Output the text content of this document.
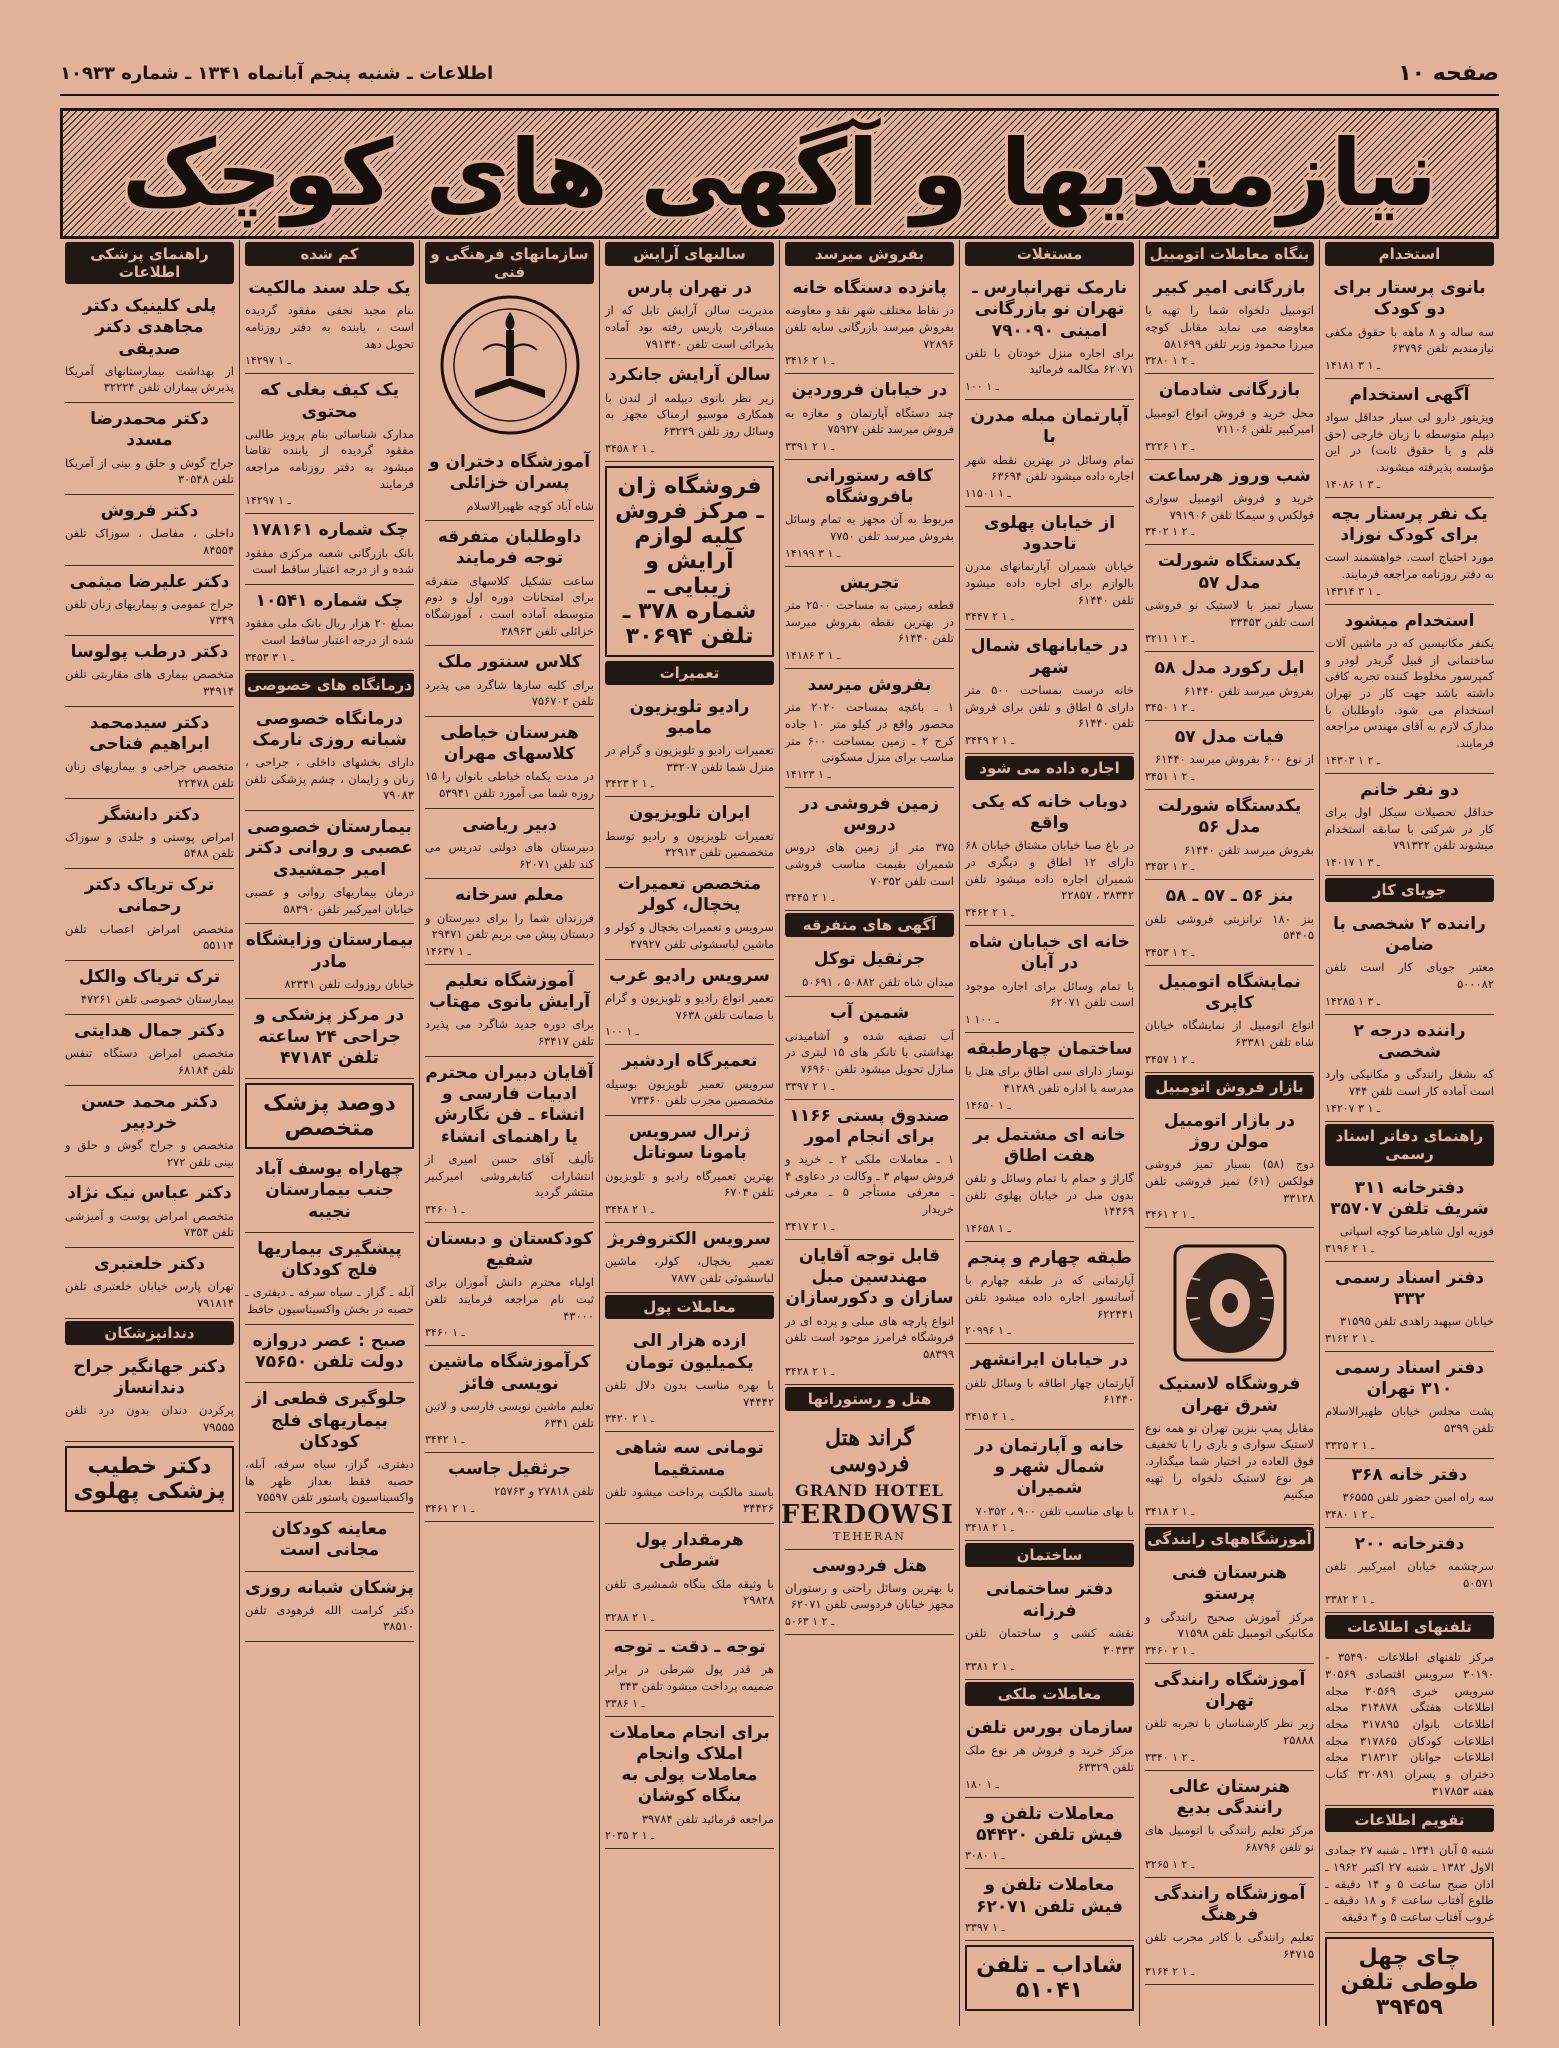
صفحه ۱۰
اطلاعات ـ شنبه پنجم آبانماه ۱۳۴۱ ـ شماره ۱۰۹۳۳
نیازمندیها و آگهی های کوچک
استخدام
بانوی پرستار برای دو کودک

سه ساله و ۸ ماهه با حقوق مکفی نیازمندیم تلفن ۶۳۷۹۶

۱۴۱۸۱ ـ ۱ ۳
آگهی استخدام

ویزیتور دارو لی سیار حداقل سواد دیپلم متوسطه با زبان خارجی (حق قلم و یا حقوق ثابت) در این مؤسسه پذیرفته میشوند.

۱۴۰۸۶ ـ ۳ ۱
یک نفر پرستار بچه برای کودک نوزاد

مورد احتیاج است. خواهشمند است به دفتر روزنامه مراجعه فرمایند.

۱۴۳۱۴ ـ ۱ ۳
استخدام میشود

یکنفر مکانیسین که در ماشین آلات ساختمانی از قبیل گریدر لودر و کمپرسور مخلوط کننده تجربه کافی داشته باشد جهت کار در تهران استخدام می شود. داوطلبان با مدارک لازم به آقای مهندس مراجعه فرمایند.

۱۴۳۰۳ ـ ۲ ۱
دو نفر خانم

حداقل تحصیلات سیکل اول برای کار در شرکتی با سابقه استخدام میشوند تلفن ۷۹۱۳۲۲

۱۴۰۱۷ ـ ۳ ۱
جویای کار
راننده ۲ شخصی با ضامن

معتبر جویای کار است تلفن ۵۰۰۰۸۲

۱۴۲۸۵ ـ ۳ ۱
راننده درجه ۲ شخصی

که بشغل رانندگی و مکانیکی وارد است آماده کار است تلفن ۷۴۴

۱۴۲۰۷ ـ ۱ ۳
راهنمای دفاتر اسناد رسمی
دفترخانه ۳۱۱ شریف تلفن ۳۵۷۰۷

فوزیه اول شاهرضا کوچه اسپانی

۳۱۹۶ ـ ۱ ۲
دفتر اسناد رسمی ۳۳۲

خیابان سپهبد زاهدی تلفن ۳۱۵۹۵

۳۱۶۲ ـ ۱ ۲
دفتر اسناد رسمی ۳۱۰ تهران

پشت مجلس خیابان ظهیرالاسلام تلفن ۵۳۹۹

۳۳۲۵ ـ ۱ ۲
دفتر خانه ۳۶۸

سه راه امین حضور تلفن ۳۶۵۵۵

۳۴۸۰ ـ ۲ ۱
دفترخانه ۲۰۰

سرچشمه خیابان امیرکبیر تلفن ۵۰۵۷۱

۳۳۸۲ ـ ۱ ۲
تلفنهای اطلاعات

مرکز تلفنهای اطلاعات ۳۵۴۹۰ - ۳۰۱۹۰ سرویس اقتصادی ۳۰۵۶۹ سرویس خبری ۳۰۵۶۹ مجله اطلاعات هفتگی ۳۱۴۸۷۸ مجله اطلاعات بانوان ۳۱۷۸۹۵ مجله اطلاعات کودکان ۳۱۷۸۶۵ مجله اطلاعات جوانان ۳۱۸۳۱۲ مجله دختران و پسران ۳۲۰۸۹۱ کتاب هفته ۳۱۷۸۵۳

تقویم اطلاعات

شنبه ۵ آبان ۱۳۴۱ ـ شنبه ۲۷ جمادی الاول ۱۳۸۲ ـ شنبه ۲۷ اکتبر ۱۹۶۲ ـ اذان صبح ساعت ۵ و ۱۴ دقیقه ـ طلوع آفتاب ساعت ۶ و ۱۸ دقیقه ـ غروب آفتاب ساعت ۵ و ۴ دقیقه

چای چهل طوطی تلفن ۳۹۴۵۹
بنگاه معاملات اتومبیل
بازرگانی امیر کبیر

اتومبیل دلخواه شما را تهیه یا معاوضه می نماید مقابل کوچه میرزا محمود وزیر تلفن ۵۸۱۶۹۹

۳۲۸۰ ـ ۲ ۱
بازرگانی شادمان

محل خرید و فروش انواع اتومبیل امیرکبیر تلفن ۷۱۱۰۶

۳۲۲۶ ـ ۲ ۱
شب وروز هرساعت

خرید و فروش اتومبیل سواری فولکس و سیمکا تلفن ۷۹۱۹۰۶

۳۴۰۲ ـ ۲ ۱
یکدستگاه شورلت مدل ۵۷

بسیار تمیز با لاستیک نو فروشی است تلفن ۳۳۴۵۳

۳۲۱۱ ـ ۲ ۱
ایل رکورد مدل ۵۸

بفروش میرسد تلفن ۶۱۴۴۰

۳۴۵۰ ـ ۲ ۱
فیات مدل ۵۷

از نوع ۶۰۰ بفروش میرسد ۶۱۴۴۰

۳۴۵۱ ـ ۲ ۱
یکدستگاه شورلت مدل ۵۶

بفروش میرسد تلفن ۶۱۴۴۰

۳۴۵۲ ـ ۲ ۱
بنز ۵۶ ـ ۵۷ ـ ۵۸

بنز ۱۸۰ ترانزیتی فروشی تلفن ۵۴۴۰۵

۳۴۵۳ ـ ۲ ۱
نمایشگاه اتومبیل کاپری

انواع اتومبیل از نمایشگاه خیابان شاه تلفن ۶۳۳۸۱

۳۴۵۷ ـ ۲ ۱
بازار فروش اتومبیل
در بازار اتومبیل مولن روژ

دوج (۵۸) بسیار تمیز فروشی فولکس (۶۱) تمیز فروشی تلفن ۳۳۱۲۸

۳۴۶۱ ـ ۱ ۲
فروشگاه لاستیک شرق تهران

مقابل پمپ بنزین تهران نو همه نوع لاستیک سواری و باری را با تخفیف فوق العاده در اختیار شما میگذارد. هر نوع لاستیک دلخواه را تهیه میکنیم

۳۴۱۸ ـ ۱ ۲
آموزشگاههای رانندگی
هنرستان فنی پرستو

مرکز آموزش صحیح رانندگی و مکانیکی اتومبیل تلفن ۷۱۵۹۸

۳۴۶۰ ـ ۱ ۲
آموزشگاه رانندگی تهران

زیر نظر کارشناسان با تجربه تلفن ۲۵۸۸۸

۳۳۴۰ ـ ۲ ۱
هنرستان عالی رانندگی بدیع

مرکز تعلیم رانندگی با اتومبیل های نو تلفن ۶۸۷۹۶

۳۲۶۵ ـ ۲ ۱
آموزشگاه رانندگی فرهنگ

تعلیم رانندگی با کادر مجرب تلفن ۶۴۷۱۵

۳۱۶۴ ـ ۱ ۲
مستغلات
نارمک تهرانپارس ـ تهران نو بازرگانی امینی ۷۹۰۰۹۰

برای اجاره منزل خودتان با تلفن ۶۲۰۷۱ مکالمه فرمائید

۱۰۰ ـ ۱
آپارتمان مبله مدرن با

تمام وسائل در بهترین نقطه شهر اجاره داده میشود تلفن ۶۳۶۹۴

۱۱۵۰۱ ـ ۱
از خیابان پهلوی تاحدود

خیابان شمیران آپارتمانهای مدرن بالوازم برای اجاره داده میشود تلفن ۶۱۴۴۰

۳۴۴۷ ـ ۱ ۲
در خیابانهای شمال شهر

خانه درست بمساحت ۵۰۰ متر دارای ۵ اطاق و تلفن برای فروش تلفن ۶۱۴۴۰

۳۴۴۹ ـ ۱ ۲
اجاره داده می شود
دوباب خانه که یکی واقع

در باغ صبا خیابان مشتاق خیابان ۶۸ دارای ۱۲ اطاق و دیگری در شمیران اجاره داده میشود تلفن ۳۸۳۴۲ ، ۲۲۸۵۷

۳۴۶۲ ـ ۱ ۲
خانه ای خیابان شاه در آبان

با تمام وسائل برای اجاره موجود است تلفن ۶۲۰۷۱

۱ ـ ۱۰۰
ساختمان چهارطبقه

نوساز دارای سی اطاق برای هتل یا مدرسه یا اداره تلفن ۴۱۲۸۹

۱۴۶۵۰ ـ ۱
خانه ای مشتمل بر هفت اطاق

گاراژ و حمام با تمام وسائل و تلفن بدون مبل در خیابان پهلوی تلفن ۱۴۴۶۹

۱۴۶۵۸ ـ ۱
طبقه چهارم و پنجم

آپارتمانی که در طبقه چهارم با آسانسور اجاره داده میشود تلفن ۶۲۲۴۴۱

۲۰۹۹۶ ـ ۱
در خیابان ایرانشهر

آپارتمان چهار اطاقه با وسائل تلفن ۶۱۴۴۰

۳۴۱۵ ـ ۱ ۲
خانه و آپارتمان در شمال شهر و شمیران

با بهای مناسب تلفن ۹۰۰ ، ۷۰۳۵۲

۳۴۱۸ ـ ۱ ۲
ساختمان
دفتر ساختمانی فرزانه

نقشه کشی و ساختمان تلفن ۳۰۴۳۳

۳۳۸۱ ـ ۱ ۲
معاملات ملکی
سازمان بورس تلفن

مرکز خرید و فروش هر نوع ملک تلفن ۶۳۳۲۹

۱۸۰ ـ ۱
معاملات تلفن و فیش تلفن ۵۴۴۲۰
۳۰۸۰ ـ ۱
معاملات تلفن و فیش تلفن ۶۲۰۷۱
۳۳۹۷ ـ ۱
شاداب ـ تلفن ۵۱۰۴۱
بفروش میرسد
پانزده دستگاه خانه

در نقاط مختلف شهر نقد و معاوضه بفروش میرسد بازرگانی سایه تلفن ۷۲۸۹۶

۳۴۱۶ ـ ۱ ۲
در خیابان فروردین

چند دستگاه آپارتمان و مغازه به فروش میرسد تلفن ۷۵۹۲۷

۳۳۹۱ ـ ۱ ۲
کافه رستورانی بافروشگاه

مربوط به آن مجهز به تمام وسائل بفروش میرسد تلفن ۷۷۵۰

۱۴۱۹۹ ـ ۱ ۳
تجریش

قطعه زمینی به مساحت ۲۵۰۰ متر در بهترین نقطه بفروش میرسد تلفن ۶۱۴۴۰

۱۴۱۸۶ ـ ۱ ۳
بفروش میرسد

۱ ـ باغچه بمساحت ۲۰۲۰ متر محصور واقع در کیلو متر ۱۰ جاده کرج ۲ ـ زمین بمساحت ۶۰۰ متر مناسب برای منزل مسکونی

۱۴۱۲۳ ـ ۱
زمین فروشی در دروس

۳۷۵ متر از زمین های دروس شمیران بقیمت مناسب فروشی است تلفن ۷۰۳۵۲

۳۴۴۵ ـ ۱ ۲
آگهی های متفرقه
جرثقیل توکل

میدان شاه تلفن ۵۰۸۸۲ ، ۵۰۶۹۱

شمین آب

آب تصفیه شده و آشامیدنی بهداشتی با تانکر های ۱۵ لیتری در منازل تحویل میشود تلفن ۷۶۹۶۰

۳۳۹۷ ـ ۱ ۲
صندوق پستی ۱۱۶۶ برای انجام امور

۱ ـ معاملات ملکی ۲ ـ خرید و فروش سهام ۳ ـ وکالت در دعاوی ۴ ـ معرفی مستأجر ۵ ـ معرفی خریدار

۳۴۱۷ ـ ۱ ۲
قابل توجه آقایان مهندسین مبل سازان و دکورسازان

انواع پارچه های مبلی و پرده ای در فروشگاه فرامرز موجود است تلفن ۵۸۳۹۹

۳۴۲۸ ـ ۱ ۲
هتل و رستورانها
گراند هتل فردوسی
GRAND HOTEL
FERDOWSI
TEHERAN
هتل فردوسی

با بهترین وسائل راحتی و رستوران مجهز خیابان فردوسی تلفن ۶۲۰۷۱

۵۰۶۳ ـ ۲ ۱
سالنهای آرایش
در تهران پارس

مدیریت سالن آرایش تابل که از مسافرت پاریس رفته بود آماده پذیرائی است تلفن ۷۹۱۳۴۰

سالن آرایش جانکرد

زیر نظر بانوی دیپلمه از لندن با همکاری موسیو ارمناک مجهز به وسائل روز تلفن ۶۳۲۲۹

۳۴۵۸ ـ ۱ ۲
فروشگاه ژان ـ مرکز فروش کلیه لوازم آرایش و زیبایی ـ شماره ۳۷۸ ـ تلفن ۳۰۶۹۴
تعمیرات
رادیو تلویزیون مامبو

تعمیرات رادیو و تلویزیون و گرام در منزل شما تلفن ۳۳۲۰۷

۳۴۲۳ ـ ۱ ۲
ایران تلویزیون

تعمیرات تلویزیون و رادیو توسط متخصصین تلفن ۳۲۹۱۳

متخصص تعمیرات یخچال، کولر

سرویس و تعمیرات یخچال و کولر و ماشین لباسشوئی تلفن ۴۷۹۲۷

سرویس رادیو غرب

تعمیر انواع رادیو و تلویزیون و گرام با ضمانت تلفن ۷۶۳۸

۱۰۰ ـ ۱
تعمیرگاه اردشیر

سرویس تعمیر تلویزیون بوسیله متخصصین مجرب تلفن ۷۳۳۶۰

ژنرال سرویس بامونا سوناتل

بهترین تعمیرگاه رادیو و تلویزیون تلفن ۶۷۰۴

۳۴۴۸ ـ ۱ ۲
سرویس الکتروفریژ

تعمیر یخچال، کولر، ماشین لباسشوئی تلفن ۷۸۷۷

معاملات پول
ازده هزار الی یکمیلیون تومان

با بهره مناسب بدون دلال تلفن ۷۴۴۴۲

۳۴۲۰ ـ ۱ ۲
تومانی سه شاهی مستقیما

باسند مالکیت پرداخت میشود تلفن ۳۴۴۲۶

هرمقدار پول شرطی

با وثیقه ملک بنگاه شمشیری تلفن ۲۹۸۲۸

۳۲۸۸ ـ ۱ ۲
توجه ـ دقت ـ توجه

هر قدر پول شرطی در برابر ضمیمه پرداخت میشود تلفن ۳۴۳

۳۳۸۶ ـ ۱
برای انجام معاملات املاک وانجام معاملات پولی به بنگاه کوشان

مراجعه فرمائید تلفن ۳۹۷۸۴

۲۰۳۵ ـ ۱ ۲
سازمانهای فرهنگی و فنی
آموزشگاه دختران و پسران خزائلی

شاه آباد کوچه ظهیرالاسلام

داوطلبان متفرقه توجه فرمایند

ساعت تشکیل کلاسهای متفرقه برای امتحانات دوره اول و دوم متوسطه آماده است ، آموزشگاه خزائلی تلفن ۳۸۹۶۳

کلاس سنتور ملک

برای کلیه سازها شاگرد می پذیرد تلفن ۷۵۶۷۰۲

هنرستان خیاطی کلاسهای مهران

در مدت یکماه خیاطی بانوان را ۱۵ روزه شما می آموزد تلفن ۵۳۹۴۱

دبیر ریاضی

دبیرستان های دولتی تدریس می کند تلفن ۶۲۰۷۱

معلم سرخانه

فرزندان شما را برای دبیرستان و دبستان پیش می بریم تلفن ۲۹۴۷۱

۱۴۶۳۷ ـ ۱
آموزشگاه تعلیم آرایش بانوی مهتاب

برای دوره جدید شاگرد می پذیرد تلفن ۶۳۴۱۷

آقایان دبیران محترم ادبیات فارسی و انشاء ـ فن نگارش یا راهنمای انشاء

تألیف آقای حسن امیری از انتشارات کتابفروشی امیرکبیر منتشر گردید

۳۴۶۰ ـ ۱
کودکستان و دبستان شفیع

اولیاء محترم دانش آموزان برای ثبت نام مراجعه فرمایند تلفن ۴۳۰۰۰

۳۴۶۰ ـ ۱
کرآموزشگاه ماشین نویسی فائز

تعلیم ماشین نویسی فارسی و لاتین تلفن ۶۳۴۱

۳۴۴۲ ـ ۱
جرثقیل جاسب

تلفن ۲۷۸۱۸ و ۲۵۷۶۳

۳۴۶۱ ـ ۱ ۲
کم شده
یک جلد سند مالکیت

بنام مجید نجفی مفقود گردیده است ، یابنده به دفتر روزنامه تحویل دهد

۱۴۲۹۷ ـ ۱
یک کیف بغلی که محتوی

مدارک شناسائی بنام پرویز طالبی مفقود گردیده از یابنده تقاضا میشود به دفتر روزنامه مراجعه فرمایند

۱۴۲۹۷ ـ ۱
چک شماره ۱۷۸۱۶۱

بانک بازرگانی شعبه مرکزی مفقود شده و از درجه اعتبار ساقط است

چک شماره ۱۰۵۴۱

بمبلغ ۲۰ هزار ریال بانک ملی مفقود شده از درجه اعتبار ساقط است

۳۴۵۳ ـ ۱ ۳
درمانگاه های خصوصی
درمانگاه خصوصی شبانه روزی نارمک

دارای بخشهای داخلی ، جراحی ، زنان و زایمان ، چشم پزشکی تلفن ۷۹۰۸۳

بیمارستان خصوصی عصبی و روانی دکتر امیر جمشیدی

درمان بیماریهای روانی و عصبی خیابان امیرکبیر تلفن ۵۸۳۹۰

بیمارستان وزایشگاه مادر

خیابان روزولت تلفن ۸۲۳۴۱

در مرکز پزشکی و جراحی ۲۴ ساعته تلفن ۴۷۱۸۴
دوصد پزشک متخصص
چهاراه یوسف آباد جنب بیمارستان نجیبه
پیشگیری بیماریها فلج کودکان

آبله ـ گزاز ـ سیاه سرفه ـ دیفتری ـ حصبه در بخش واکسیناسیون حافظ

صبح : عصر دروازه دولت تلفن ۷۵۶۵۰
جلوگیری قطعی از بیماریهای فلج کودکان

دیفتری، گزاز، سیاه سرفه، آبله، حصبه فقط بعداز ظهر ها واکسیناسیون پاستور تلفن ۷۵۵۹۷

معاینه کودکان مجانی است
پزشکان شبانه روزی

دکتر کرامت الله فرهودی تلفن ۳۸۵۱۰

راهنمای پزشکی اطلاعات
پلی کلینیک دکتر مجاهدی دکتر صدیقی

از بهداشت بیمارستانهای آمریکا پذیرش بیماران تلفن ۳۲۲۲۴

دکتر محمدرضا مسدد

جراح گوش و حلق و بینی از آمریکا تلفن ۳۰۵۴۸

دکتر فروش

داخلی ، مفاصل ، سوزاک تلفن ۸۴۵۵۴

دکتر علیرضا میثمی

جراح عمومی و بیماریهای زنان تلفن ۷۳۴۹

دکتر درطب پولوسا

متخصص بیماری های مقاربتی تلفن ۳۴۹۱۴

دکتر سیدمحمد ابراهیم فتاحی

متخصص جراحی و بیماریهای زنان تلفن ۲۲۴۷۸

دکتر دانشگر

امراض پوستی و جلدی و سوزاک تلفن ۵۴۸۸

ترک تریاک دکتر رحمانی

متخصص امراض اعصاب تلفن ۵۵۱۱۴

ترک تریاک والکل

بیمارستان خصوصی تلفن ۴۷۲۶۱

دکتر جمال هدایتی

متخصص امراض دستگاه تنفس تلفن ۶۸۱۸۴

دکتر محمد حسن خردپیر

متخصص و جراح گوش و حلق و بینی تلفن ۲۷۲

دکتر عباس نیک نژاد

متخصص امراض پوست و آمیزشی تلفن ۷۳۵۴

دکتر خلعتبری

تهران پارس خیابان خلعتبری تلفن ۷۹۱۸۱۴

دندانپزشکان
دکتر جهانگیر جراح دندانساز

پرکردن دندان بدون درد تلفن ۷۹۵۵۵

دکتر خطیب پزشکی پهلوی
